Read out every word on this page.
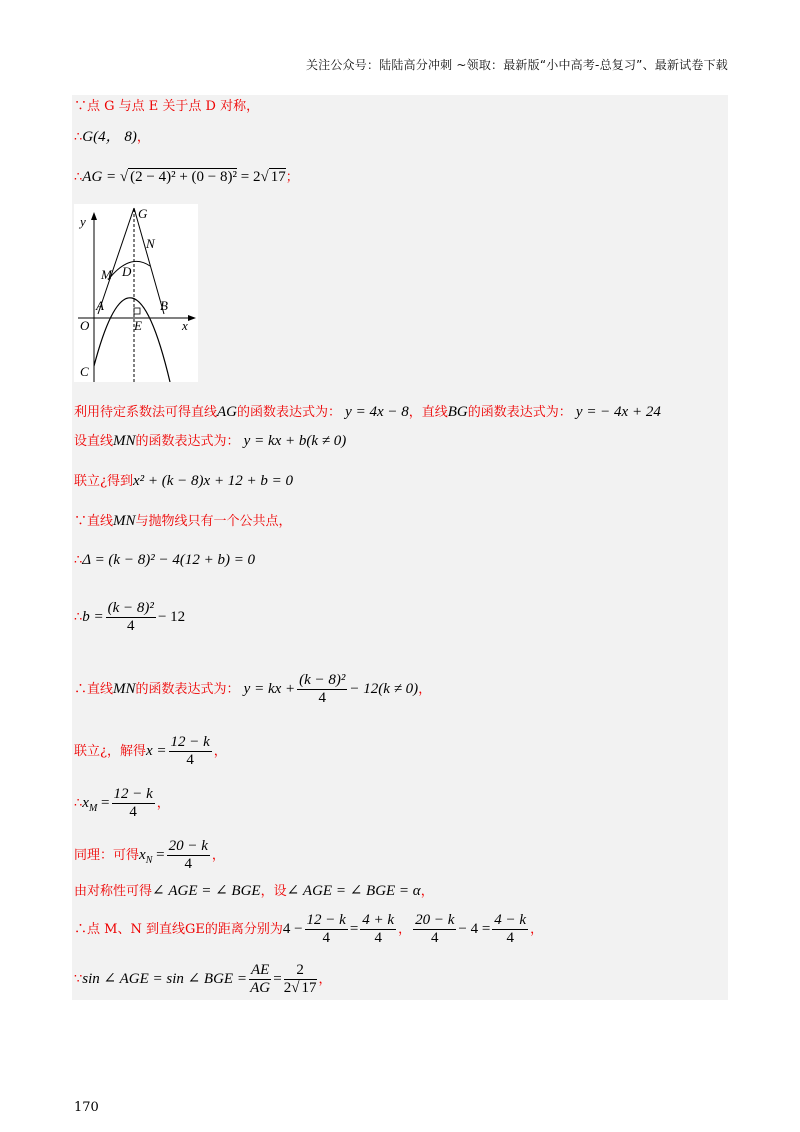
关注公众号：陆陆高分冲刺 ~领取：最新版“小中高考-总复习”、最新试卷下载
∵点 G 与点 E 关于点 D 对称，
∴G(4， 8)，
∴AG = √ (2 − 4)² + (0 − 8)² = 2√ 17；
y
x
O
G
N
M D
A	B
E
C
利用待定系数法可得直线AG的函数表达式为： y = 4x − 8，直线BG的函数表达式为： y = − 4x + 24
设直线MN的函数表达式为： y = kx + b(k ≠ 0)
联立¿得到x² + (k − 8)x + 12 + b = 0
∵直线MN与抛物线只有一个公共点，
∴Δ = (k − 8)² − 4(12 + b) = 0
∴b = $\frac{\text{(k − 8)²}}{4} - 12$
∴直线MN的函数表达式为： y = kx + $\frac{\text{(k − 8)²}}{4} - 12(k \ne 0)$，
联立¿，解得$x = \frac{12 - k}{4}$ ，
$\therefore x_M = \frac{12 - k}{4}$ ，
同理：可得$x_N = \frac{20 - k}{4}$ ，
由对称性可得∠ AGE = ∠ BGE，设∠ AGE = ∠ BGE = α，
∴点 M、N 到直线GE的距离分别为$4 - \frac{12 - k}{4} = \frac{4 + k}{4}$ ， $\frac{20 - k}{4} - 4 = \frac{4 - k}{4}$ ，
∵sin ∠ AGE = sin ∠ BGE = $\frac{AE}{AG} = \frac{2}{2√ 17}$ ，
170
